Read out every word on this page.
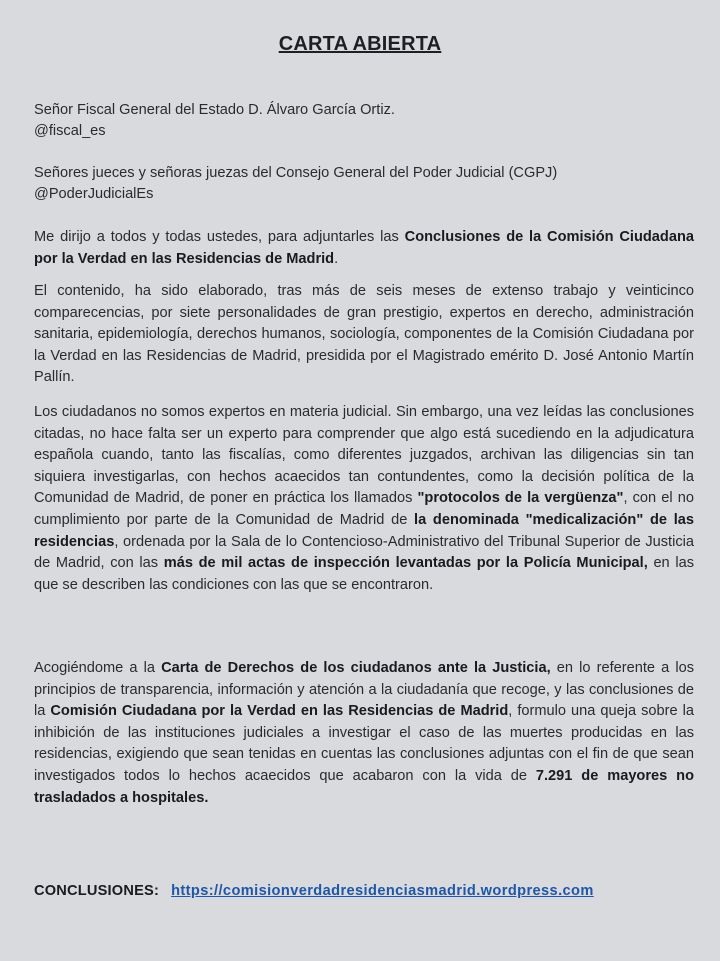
CARTA ABIERTA
Señor Fiscal General del Estado D. Álvaro García Ortiz.
@fiscal_es
Señores jueces y señoras juezas del Consejo General del Poder Judicial (CGPJ)
@PoderJudicialEs
Me dirijo a todos y todas ustedes, para adjuntarles las Conclusiones de la Comisión Ciudadana por la Verdad en las Residencias de Madrid.
El contenido, ha sido elaborado, tras más de seis meses de extenso trabajo y veinticinco comparecencias, por siete personalidades de gran prestigio, expertos en derecho, administración sanitaria, epidemiología, derechos humanos, sociología, componentes de la Comisión Ciudadana por la Verdad en las Residencias de Madrid, presidida por el Magistrado emérito D. José Antonio Martín Pallín.
Los ciudadanos no somos expertos en materia judicial. Sin embargo, una vez leídas las conclusiones citadas, no hace falta ser un experto para comprender que algo está sucediendo en la adjudicatura española cuando, tanto las fiscalías, como diferentes juzgados, archivan las diligencias sin tan siquiera investigarlas, con hechos acaecidos tan contundentes, como la decisión política de la Comunidad de Madrid, de poner en práctica los llamados "protocolos de la vergüenza", con el no cumplimiento por parte de la Comunidad de Madrid de la denominada "medicalización" de las residencias, ordenada por la Sala de lo Contencioso-Administrativo del Tribunal Superior de Justicia de Madrid, con las más de mil actas de inspección levantadas por la Policía Municipal, en las que se describen las condiciones con las que se encontraron.
Acogiéndome a la Carta de Derechos de los ciudadanos ante la Justicia, en lo referente a los principios de transparencia, información y atención a la ciudadanía que recoge, y las conclusiones de la Comisión Ciudadana por la Verdad en las Residencias de Madrid, formulo una queja sobre la inhibición de las instituciones judiciales a investigar el caso de las muertes producidas en las residencias, exigiendo que sean tenidas en cuentas las conclusiones adjuntas con el fin de que sean investigados todos lo hechos acaecidos que acabaron con la vida de 7.291 de mayores no trasladados a hospitales.
CONCLUSIONES: https://comisionverdadresidenciasmadrid.wordpress.com
